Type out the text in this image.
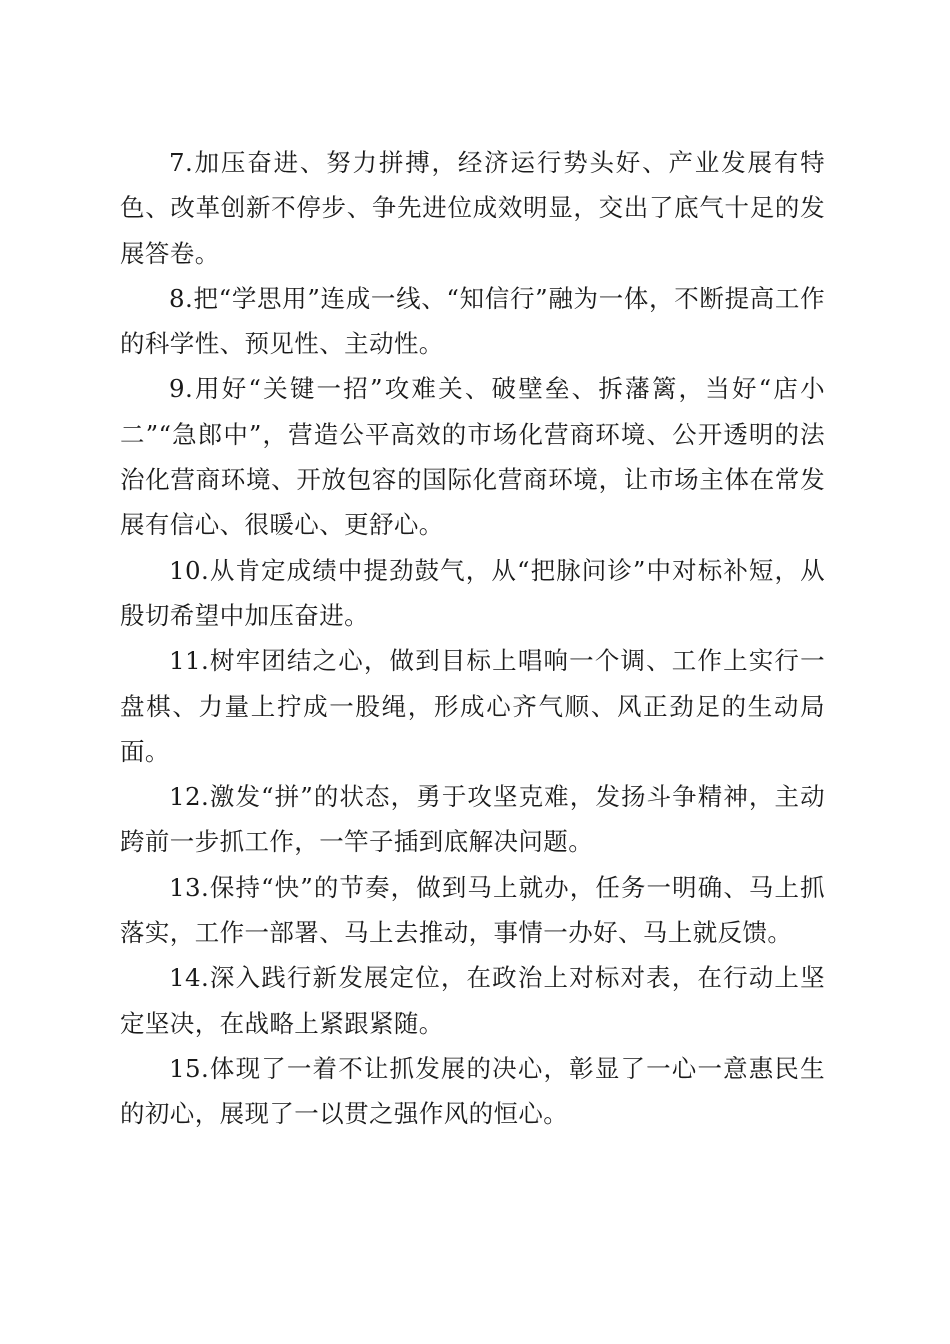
7.加压奋进、努力拼搏，经济运行势头好、产业发展有特色、改革创新不停步、争先进位成效明显，交出了底气十足的发展答卷。

8.把“学思用”连成一线、“知信行”融为一体，不断提高工作的科学性、预见性、主动性。

9.用好“关键一招”攻难关、破壁垒、拆藩篱，当好“店小二”“急郎中”，营造公平高效的市场化营商环境、公开透明的法治化营商环境、开放包容的国际化营商环境，让市场主体在常发展有信心、很暖心、更舒心。

10.从肯定成绩中提劲鼓气，从“把脉问诊”中对标补短，从殷切希望中加压奋进。

11.树牢团结之心，做到目标上唱响一个调、工作上实行一盘棋、力量上拧成一股绳，形成心齐气顺、风正劲足的生动局面。

12.激发“拼”的状态，勇于攻坚克难，发扬斗争精神，主动跨前一步抓工作，一竿子插到底解决问题。

13.保持“快”的节奏，做到马上就办，任务一明确、马上抓落实，工作一部署、马上去推动，事情一办好、马上就反馈。

14.深入践行新发展定位，在政治上对标对表，在行动上坚定坚决，在战略上紧跟紧随。

15.体现了一着不让抓发展的决心，彰显了一心一意惠民生的初心，展现了一以贯之强作风的恒心。
